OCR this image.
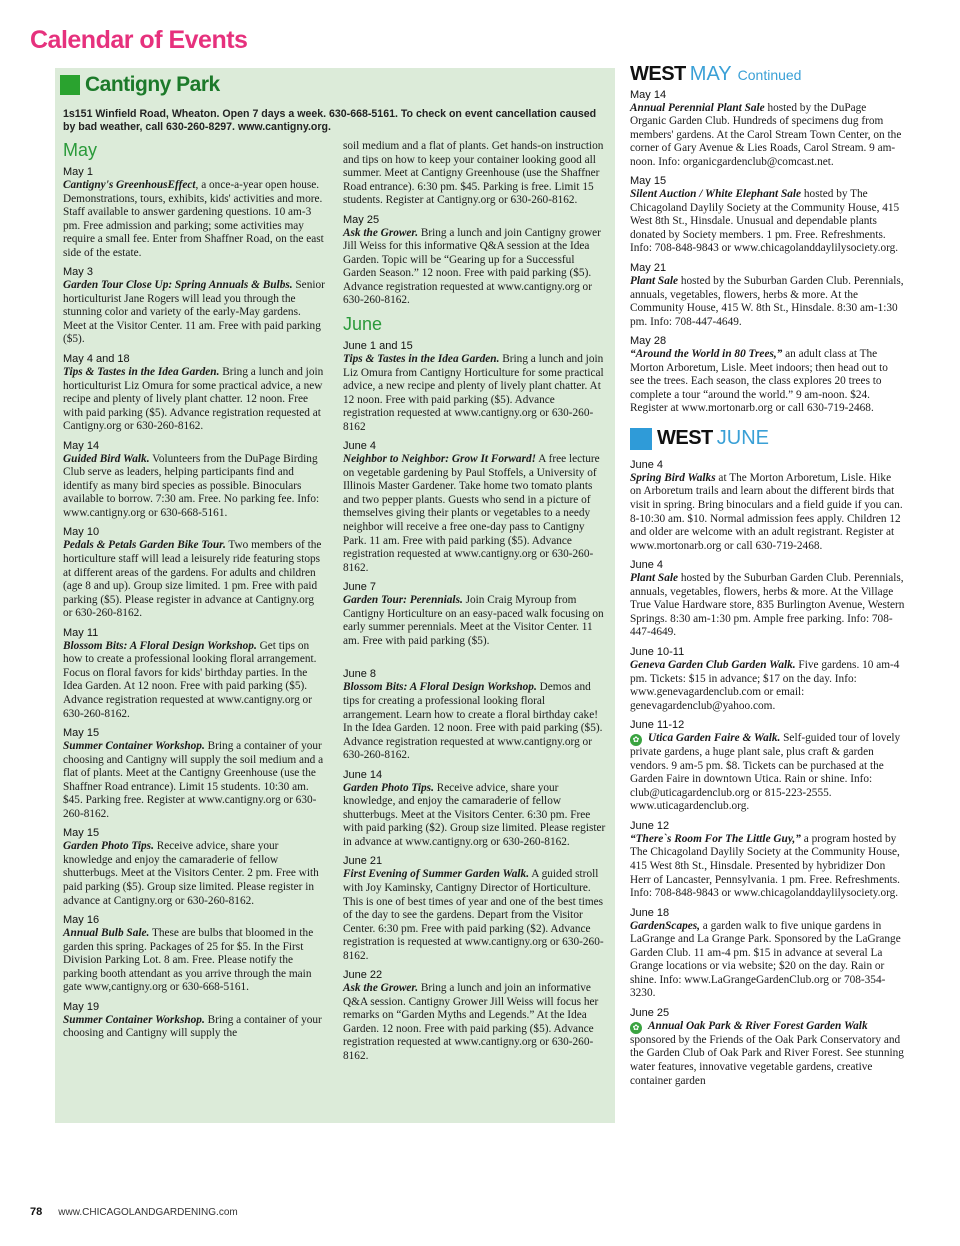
Calendar of Events
Cantigny Park
1s151 Winfield Road, Wheaton. Open 7 days a week. 630-668-5161. To check on event cancellation caused by bad weather, call 630-260-8297. www.cantigny.org.
May
May 1

Cantigny's GreenhousEffect, a once-a-year open house. Demonstrations, tours, exhibits, kids' activities and more. Staff available to answer gardening questions. 10 am-3 pm. Free admission and parking; some activities may require a small fee. Enter from Shaffner Road, on the east side of the estate.

May 3

Garden Tour Close Up: Spring Annuals & Bulbs. Senior horticulturist Jane Rogers will lead you through the stunning color and variety of the early-May gardens. Meet at the Visitor Center. 11 am. Free with paid parking ($5).

May 4 and 18

Tips & Tastes in the Idea Garden. Bring a lunch and join horticulturist Liz Omura for some practical advice, a new recipe and plenty of lively plant chatter. 12 noon. Free with paid parking ($5). Advance registration requested at Cantigny.org or 630-260-8162.

May 14

Guided Bird Walk. Volunteers from the DuPage Birding Club serve as leaders, helping participants find and identify as many bird species as possible. Binoculars available to borrow. 7:30 am. Free. No parking fee. Info: www.cantigny.org or 630-668-5161.

May 10

Pedals & Petals Garden Bike Tour. Two members of the horticulture staff will lead a leisurely ride featuring stops at different areas of the gardens. For adults and children (age 8 and up). Group size limited. 1 pm. Free with paid parking ($5). Please register in advance at Cantigny.org or 630-260-8162.

May 11

Blossom Bits: A Floral Design Workshop. Get tips on how to create a professional looking floral arrangement. Focus on floral favors for kids' birthday parties. In the Idea Garden. At 12 noon. Free with paid parking ($5). Advance registration requested at www.cantigny.org or 630-260-8162.

May 15

Summer Container Workshop. Bring a container of your choosing and Cantigny will supply the soil medium and a flat of plants. Meet at the Cantigny Greenhouse (use the Shaffner Road entrance). Limit 15 students. 10:30 am. $45. Parking free. Register at www.cantigny.org or 630-260-8162.

May 15

Garden Photo Tips. Receive advice, share your knowledge and enjoy the camaraderie of fellow shutterbugs. Meet at the Visitors Center. 2 pm. Free with paid parking ($5). Group size limited. Please register in advance at Cantigny.org or 630-260-8162.

May 16

Annual Bulb Sale. These are bulbs that bloomed in the garden this spring. Packages of 25 for $5. In the First Division Parking Lot. 8 am. Free. Please notify the parking booth attendant as you arrive through the main gate www,cantigny.org or 630-668-5161.

May 19

Summer Container Workshop. Bring a container of your choosing and Cantigny will supply the

soil medium and a flat of plants. Get hands-on instruction and tips on how to keep your container looking good all summer. Meet at Cantigny Greenhouse (use the Shaffner Road entrance). 6:30 pm. $45. Parking is free. Limit 15 students. Register at Cantigny.org or 630-260-8162.

May 25

Ask the Grower. Bring a lunch and join Cantigny grower Jill Weiss for this informative Q&A session at the Idea Garden. Topic will be “Gearing up for a Successful Garden Season.” 12 noon. Free with paid parking ($5). Advance registration requested at www.cantigny.org or 630-260-8162.

June
June 1 and 15

Tips & Tastes in the Idea Garden. Bring a lunch and join Liz Omura from Cantigny Horticulture for some practical advice, a new recipe and plenty of lively plant chatter. At 12 noon. Free with paid parking ($5). Advance registration requested at www.cantigny.org or 630-260-8162

June 4

Neighbor to Neighbor: Grow It Forward! A free lecture on vegetable gardening by Paul Stoffels, a University of Illinois Master Gardener. Take home two tomato plants and two pepper plants. Guests who send in a picture of themselves giving their plants or vegetables to a needy neighbor will receive a free one-day pass to Cantigny Park. 11 am. Free with paid parking ($5). Advance registration requested at www.cantigny.org or 630-260-8162.

June 7

Garden Tour: Perennials. Join Craig Myroup from Cantigny Horticulture on an easy-paced walk focusing on early summer perennials. Meet at the Visitor Center. 11 am. Free with paid parking ($5).

June 8

Blossom Bits: A Floral Design Workshop. Demos and tips for creating a professional looking floral arrangement. Learn how to create a floral birthday cake! In the Idea Garden. 12 noon. Free with paid parking ($5). Advance registration requested at www.cantigny.org or 630-260-8162.

June 14

Garden Photo Tips. Receive advice, share your knowledge, and enjoy the camaraderie of fellow shutterbugs. Meet at the Visitors Center. 6:30 pm. Free with paid parking ($2). Group size limited. Please register in advance at www.cantigny.org or 630-260-8162.

June 21

First Evening of Summer Garden Walk. A guided stroll with Joy Kaminsky, Cantigny Director of Horticulture. This is one of best times of year and one of the best times of the day to see the gardens. Depart from the Visitor Center. 6:30 pm. Free with paid parking ($2). Advance registration is requested at www.cantigny.org or 630-260-8162.

June 22

Ask the Grower. Bring a lunch and join an informative Q&A session. Cantigny Grower Jill Weiss will focus her remarks on “Garden Myths and Legends.” At the Idea Garden. 12 noon. Free with paid parking ($5). Advance registration requested at www.cantigny.org or 630-260-8162.

WEST MAY Continued
May 14

Annual Perennial Plant Sale hosted by the DuPage Organic Garden Club. Hundreds of specimens dug from members' gardens. At the Carol Stream Town Center, on the corner of Gary Avenue & Lies Roads, Carol Stream. 9 am-noon. Info: organicgardenclub@comcast.net.

May 15

Silent Auction / White Elephant Sale hosted by The Chicagoland Daylily Society at the Community House, 415 West 8th St., Hinsdale. Unusual and dependable plants donated by Society members. 1 pm. Free. Refreshments. Info: 708-848-9843 or www.chicagolanddaylilysociety.org.

May 21

Plant Sale hosted by the Suburban Garden Club. Perennials, annuals, vegetables, flowers, herbs & more. At the Community House, 415 W. 8th St., Hinsdale. 8:30 am-1:30 pm. Info: 708-447-4649.

May 28

“Around the World in 80 Trees,” an adult class at The Morton Arboretum, Lisle. Meet indoors; then head out to see the trees. Each season, the class explores 20 trees to complete a tour “around the world.” 9 am-noon. $24. Register at www.mortonarb.org or call 630-719-2468.

WEST JUNE
June 4

Spring Bird Walks at The Morton Arboretum, Lisle. Hike on Arboretum trails and learn about the different birds that visit in spring. Bring binoculars and a field guide if you can. 8-10:30 am. $10. Normal admission fees apply. Children 12 and older are welcome with an adult registrant. Register at www.mortonarb.org or call 630-719-2468.

June 4

Plant Sale hosted by the Suburban Garden Club. Perennials, annuals, vegetables, flowers, herbs & more. At the Village True Value Hardware store, 835 Burlington Avenue, Western Springs. 8:30 am-1:30 pm. Ample free parking. Info: 708-447-4649.

June 10-11

Geneva Garden Club Garden Walk. Five gardens. 10 am-4 pm. Tickets: $15 in advance; $17 on the day. Info: www.genevagardenclub.com or email: genevagardenclub@yahoo.com.

June 11-12

✿ Utica Garden Faire & Walk. Self-guided tour of lovely private gardens, a huge plant sale, plus craft & garden vendors. 9 am-5 pm. $8. Tickets can be purchased at the Garden Faire in downtown Utica. Rain or shine. Info: club@uticagardenclub.org or 815-223-2555. www.uticagardenclub.org.

June 12

“There`s Room For The Little Guy,” a program hosted by The Chicagoland Daylily Society at the Community House, 415 West 8th St., Hinsdale. Presented by hybridizer Don Herr of Lancaster, Pennsylvania. 1 pm. Free. Refreshments. Info: 708-848-9843 or www.chicagolanddaylilysociety.org.

June 18

GardenScapes, a garden walk to five unique gardens in LaGrange and La Grange Park. Sponsored by the LaGrange Garden Club. 11 am-4 pm. $15 in advance at several La Grange locations or via website; $20 on the day. Rain or shine. Info: www.LaGrangeGardenClub.org or 708-354-3230.

June 25

✿ Annual Oak Park & River Forest Garden Walk sponsored by the Friends of the Oak Park Conservatory and the Garden Club of Oak Park and River Forest. See stunning water features, innovative vegetable gardens, creative container garden

78 www.CHICAGOLANDGARDENING.com
